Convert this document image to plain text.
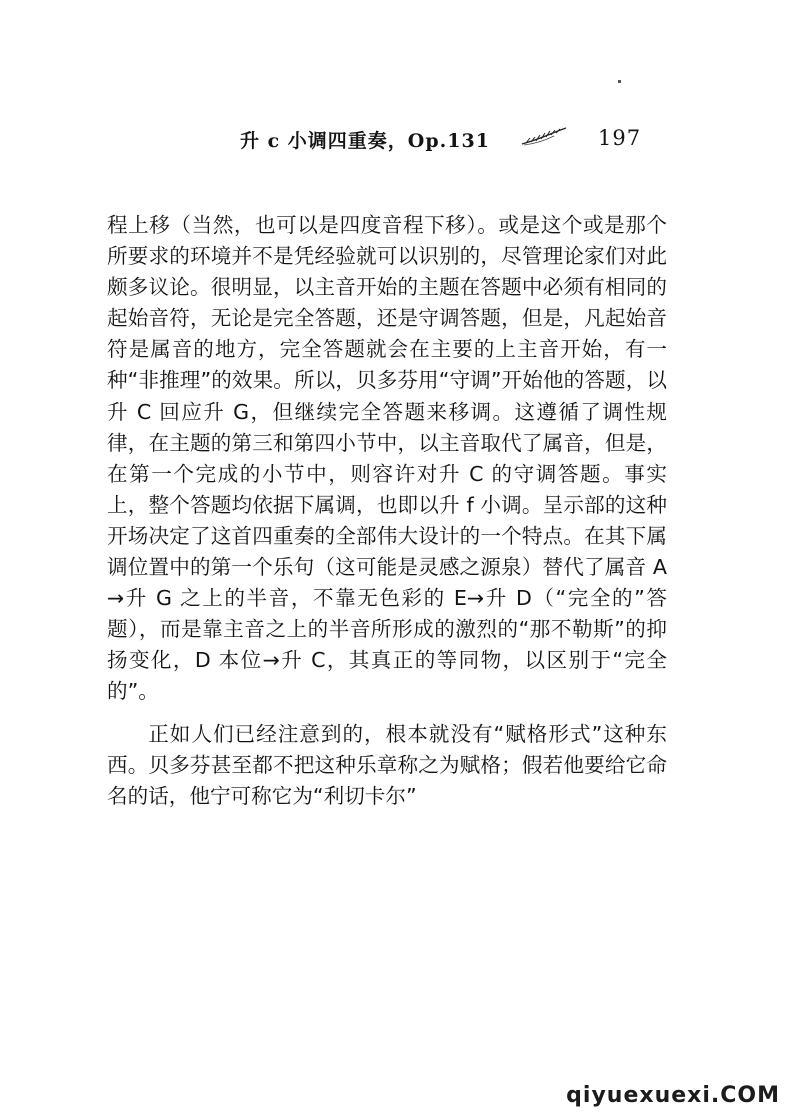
升 c 小调四重奏，Op.131	197

程上移（当然，也可以是四度音程下移）。或是这个或是那个所要求的环境并不是凭经验就可以识别的，尽管理论家们对此颇多议论。很明显，以主音开始的主题在答题中必须有相同的起始音符，无论是完全答题，还是守调答题，但是，凡起始音符是属音的地方，完全答题就会在主要的上主音开始，有一种“非推理”的效果。所以，贝多芬用“守调”开始他的答题，以升 C 回应升 G，但继续完全答题来移调。这遵循了调性规律，在主题的第三和第四小节中，以主音取代了属音，但是，在第一个完成的小节中，则容许对升 C 的守调答题。事实上，整个答题均依据下属调，也即以升 f 小调。呈示部的这种开场决定了这首四重奏的全部伟大设计的一个特点。在其下属调位置中的第一个乐句（这可能是灵感之源泉）替代了属音 A→升 G 之上的半音，不靠无色彩的 E→升 D（“完全的”答题），而是靠主音之上的半音所形成的激烈的“那不勒斯”的抑扬变化，D 本位→升 C，其真正的等同物，以区别于“完全的”。

正如人们已经注意到的，根本就没有“赋格形式”这种东西。贝多芬甚至都不把这种乐章称之为赋格；假若他要给它命名的话，他宁可称它为“利切卡尔”

qiyuexuexi.COM
